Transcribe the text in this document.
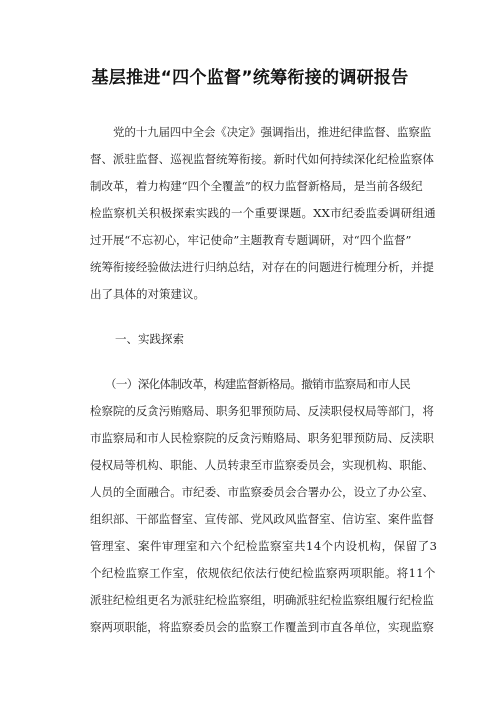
基层推进“四个监督”统筹衔接的调研报告

党的十九届四中全会《决定》强调指出，推进纪律监督、监察监

督、派驻监督、巡视监督统筹衔接。新时代如何持续深化纪检监察体

制改革，着力构建“四个全覆盖”的权力监督新格局，是当前各级纪

检监察机关积极探索实践的一个重要课题。XX市纪委监委调研组通

过开展“不忘初心，牢记使命”主题教育专题调研，对“四个监督”

统筹衔接经验做法进行归纳总结，对存在的问题进行梳理分析，并提

出了具体的对策建议。

一、实践探索

（一）深化体制改革，构建监督新格局。撤销市监察局和市人民

检察院的反贪污贿赂局、职务犯罪预防局、反渎职侵权局等部门，将

市监察局和市人民检察院的反贪污贿赂局、职务犯罪预防局、反渎职

侵权局等机构、职能、人员转隶至市监察委员会，实现机构、职能、

人员的全面融合。市纪委、市监察委员会合署办公，设立了办公室、

组织部、干部监督室、宣传部、党风政风监督室、信访室、案件监督

管理室、案件审理室和六个纪检监察室共14个内设机构，保留了3

个纪检监察工作室，依规依纪依法行使纪检监察两项职能。将11个

派驻纪检组更名为派驻纪检监察组，明确派驻纪检监察组履行纪检监

察两项职能，将监察委员会的监察工作覆盖到市直各单位，实现监察
